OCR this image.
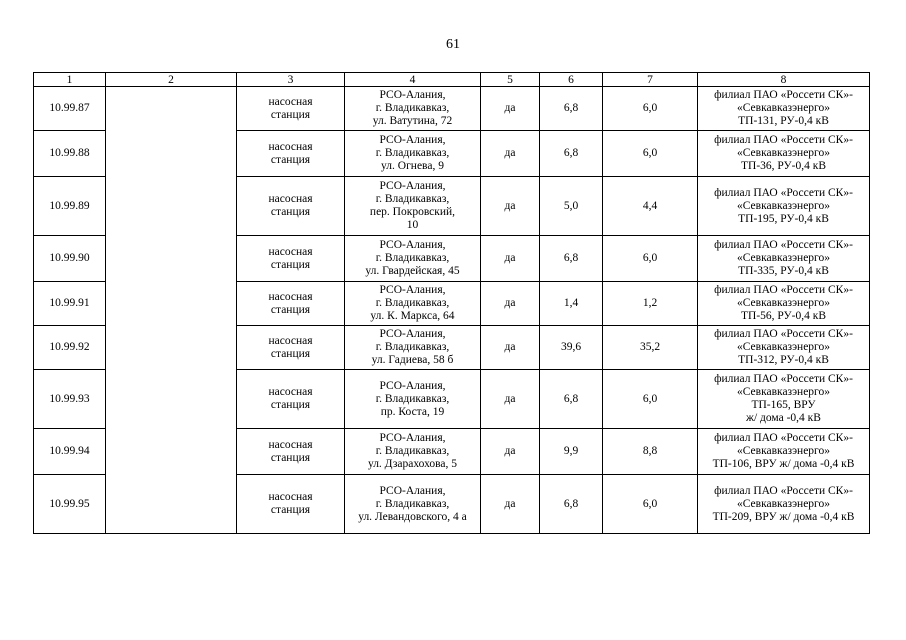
61
1	2	3	4	5	6	7	8
10.99.87		насосная
станция	РСО-Алания,
г. Владикавказ,
ул. Ватутина, 72	да	6,8	6,0	филиал ПАО «Россети СК»-
«Севкавказэнерго»
ТП-131, РУ-0,4 кВ
10.99.88		насосная
станция	РСО-Алания,
г. Владикавказ,
ул. Огнева, 9	да	6,8	6,0	филиал ПАО «Россети СК»-
«Севкавказэнерго»
ТП-36, РУ-0,4 кВ
10.99.89		насосная
станция	РСО-Алания,
г. Владикавказ,
пер. Покровский,
10	да	5,0	4,4	филиал ПАО «Россети СК»-
«Севкавказэнерго»
ТП-195, РУ-0,4 кВ
10.99.90		насосная
станция	РСО-Алания,
г. Владикавказ,
ул. Гвардейская, 45	да	6,8	6,0	филиал ПАО «Россети СК»-
«Севкавказэнерго»
ТП-335, РУ-0,4 кВ
10.99.91		насосная
станция	РСО-Алания,
г. Владикавказ,
ул. К. Маркса, 64	да	1,4	1,2	филиал ПАО «Россети СК»-
«Севкавказэнерго»
ТП-56, РУ-0,4 кВ
10.99.92		насосная
станция	РСО-Алания,
г. Владикавказ,
ул. Гадиева, 58 б	да	39,6	35,2	филиал ПАО «Россети СК»-
«Севкавказэнерго»
ТП-312, РУ-0,4 кВ
10.99.93		насосная
станция	РСО-Алания,
г. Владикавказ,
пр. Коста, 19	да	6,8	6,0	филиал ПАО «Россети СК»-
«Севкавказэнерго»
ТП-165, ВРУ
ж/ дома -0,4 кВ
10.99.94		насосная
станция	РСО-Алания,
г. Владикавказ,
ул. Дзарахохова, 5	да	9,9	8,8	филиал ПАО «Россети СК»-
«Севкавказэнерго»
ТП-106, ВРУ ж/ дома -0,4 кВ
10.99.95		насосная
станция	РСО-Алания,
г. Владикавказ,
ул. Левандовского, 4 а	да	6,8	6,0	филиал ПАО «Россети СК»-
«Севкавказэнерго»
ТП-209, ВРУ ж/ дома -0,4 кВ
